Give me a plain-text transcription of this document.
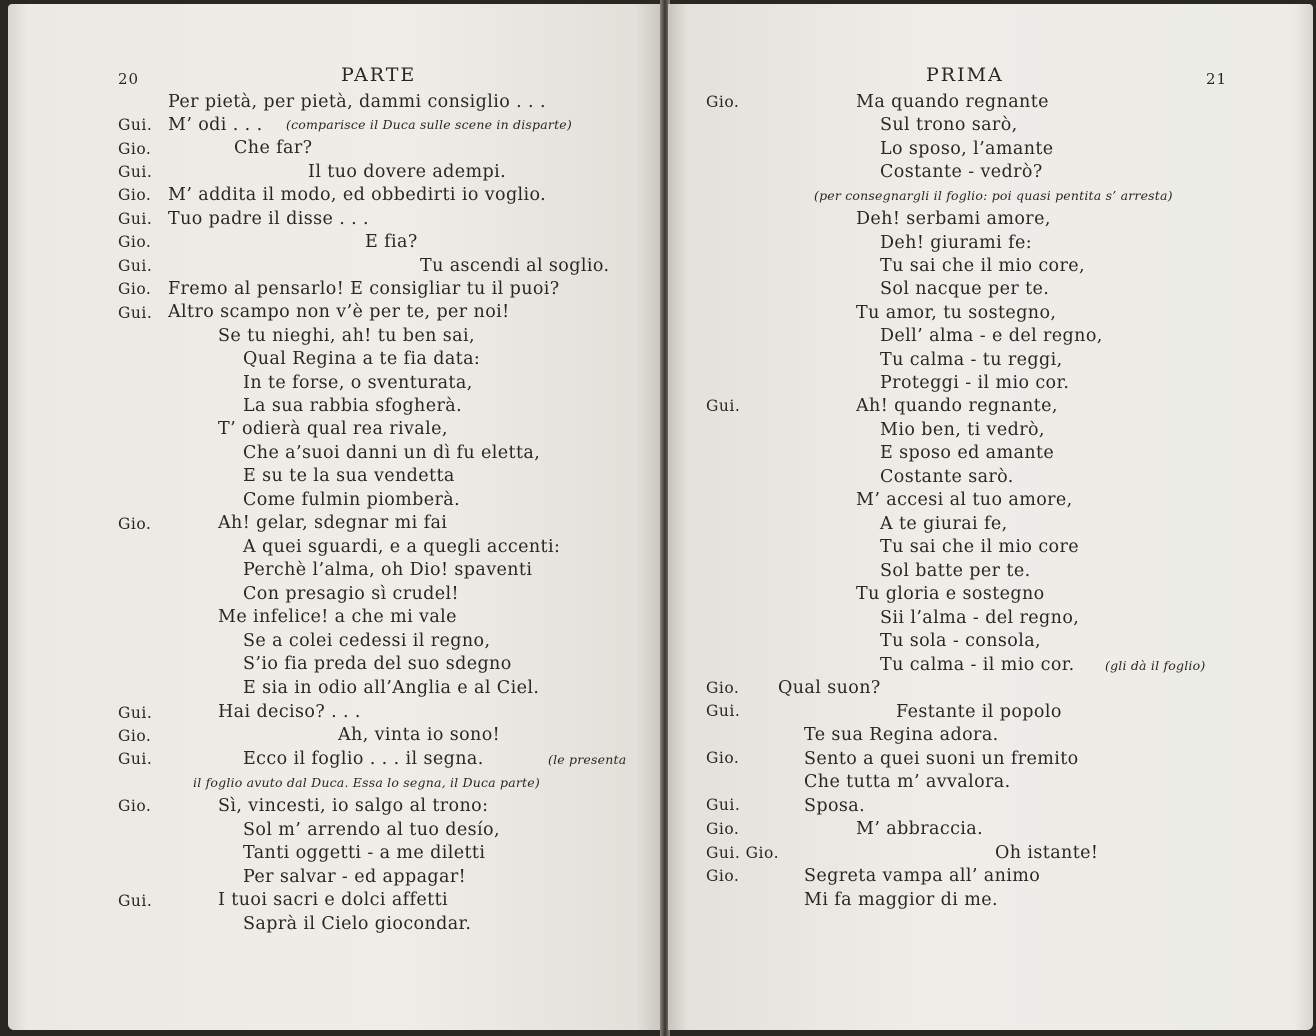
20	PARTE
Gui.
Gio.
Gui.
Gio.
Gui.
Gio.
Gui.
Gio.
Gui.
Gio.
Gui.
Gio.
Gui.
Gio.
Gui.
Per pietà, per pietà, dammi consiglio . . .
M’ odi . . .
Che far?
Il tuo dovere adempi.
M’ addita il modo, ed obbedirti io voglio.
Tuo padre il disse . . .
E fia?
Tu ascendi al soglio.
Fremo al pensarlo! E consigliar tu il puoi?
Altro scampo non v’è per te, per noi!
Se tu nieghi, ah! tu ben sai,
Qual Regina a te fia data:
In te forse, o sventurata,
La sua rabbia sfogherà.
T’ odierà qual rea rivale,
Che a’suoi danni un dì fu eletta,
E su te la sua vendetta
Come fulmin piomberà.
Ah! gelar, sdegnar mi fai
A quei sguardi, e a quegli accenti:
Perchè l’alma, oh Dio! spaventi
Con presagio sì crudel!
Me infelice! a che mi vale
Se a colei cedessi il regno,
S’io fia preda del suo sdegno
E sia in odio all’Anglia e al Ciel.
Hai deciso? . . .
Ah, vinta io sono!
Ecco il foglio . . . il segna.
Sì, vincesti, io salgo al trono:
Sol m’ arrendo al tuo desío,
Tanti oggetti - a me diletti
Per salvar - ed appagar!
I tuoi sacri e dolci affetti
Saprà il Cielo giocondar.
(comparisce il Duca sulle scene in disparte)
(le presenta
il foglio avuto dal Duca. Essa lo segna, il Duca parte)
PRIMA	21
Gio.
Gui.
Gio.
Gui.
Gio.
Gui.
Gio.
Gui. Gio.
Gio.
Ma quando regnante
Sul trono sarò,
Lo sposo, l’amante
Costante - vedrò?
Deh! serbami amore,
Deh! giurami fe:
Tu sai che il mio core,
Sol nacque per te.
Tu amor, tu sostegno,
Dell’ alma - e del regno,
Tu calma - tu reggi,
Proteggi - il mio cor.
Ah! quando regnante,
Mio ben, ti vedrò,
E sposo ed amante
Costante sarò.
M’ accesi al tuo amore,
A te giurai fe,
Tu sai che il mio core
Sol batte per te.
Tu gloria e sostegno
Sii l’alma - del regno,
Tu sola - consola,
Tu calma - il mio cor.
Qual suon?
Festante il popolo
Te sua Regina adora.
Sento a quei suoni un fremito
Che tutta m’ avvalora.
Sposa.
M’ abbraccia.
Oh istante!
Segreta vampa all’ animo
Mi fa maggior di me.
(per consegnargli il foglio: poi quasi pentita s’ arresta)
(gli dà il foglio)
